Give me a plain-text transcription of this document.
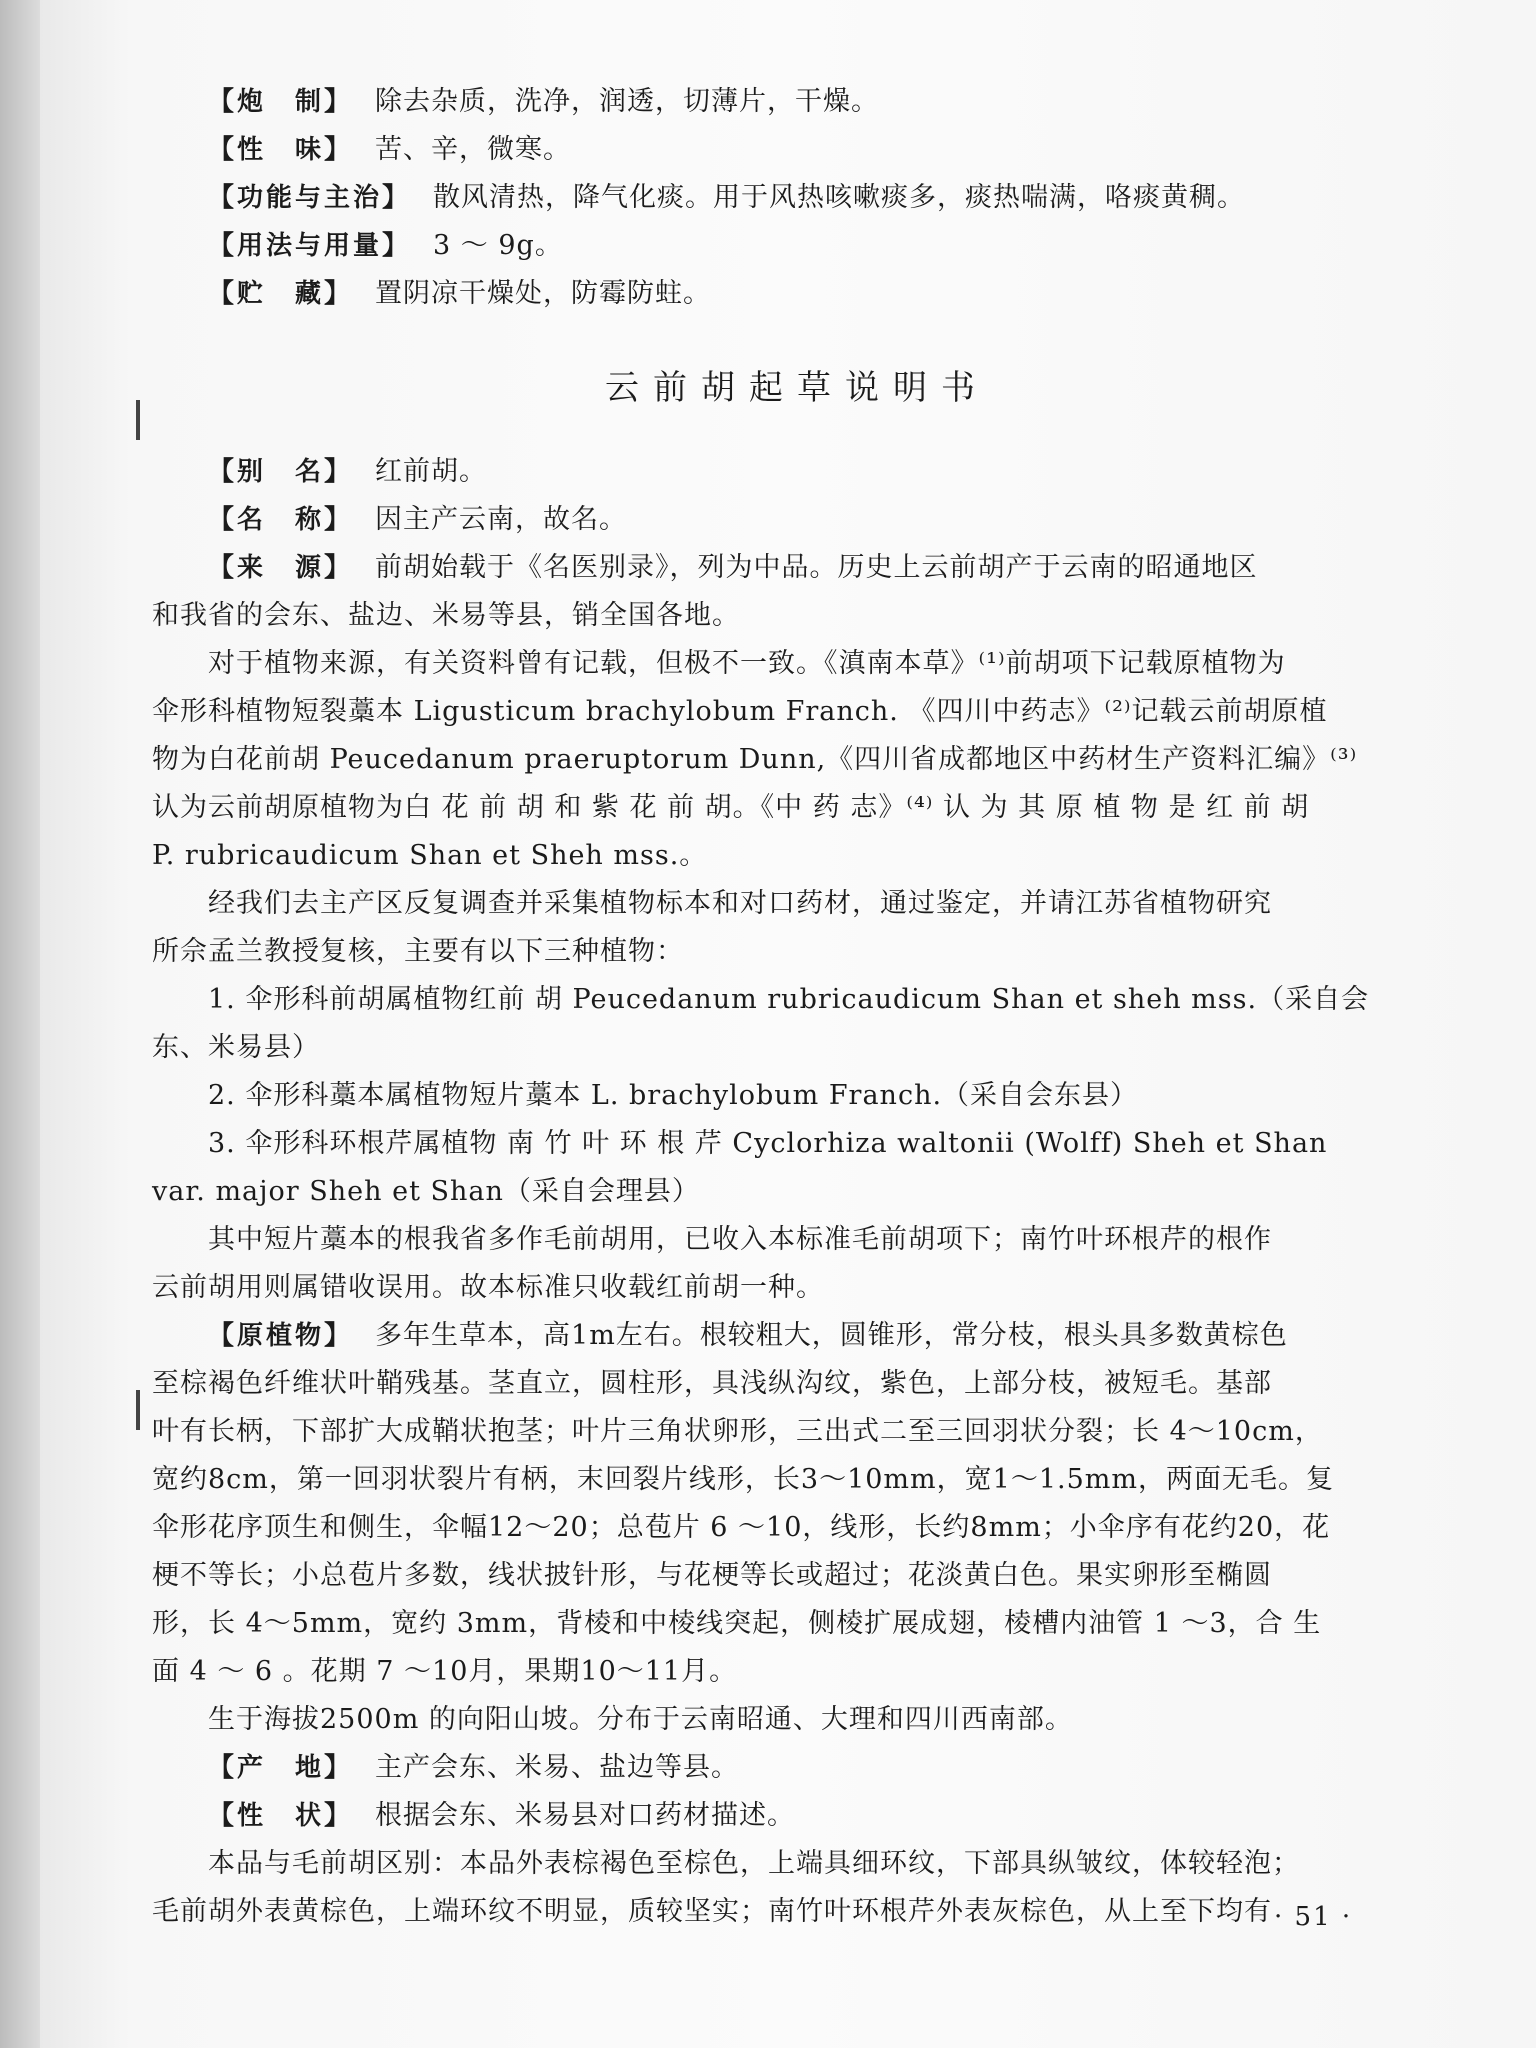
【炮　制】 除去杂质，洗净，润透，切薄片，干燥。
【性　味】 苦、辛，微寒。
【功能与主治】 散风清热，降气化痰。用于风热咳嗽痰多，痰热喘满，咯痰黄稠。
【用法与用量】 3 ～ 9g。
【贮　藏】 置阴凉干燥处，防霉防蛀。
云前胡起草说明书
【别　名】 红前胡。
【名　称】 因主产云南，故名。
【来　源】 前胡始载于《名医别录》，列为中品。历史上云前胡产于云南的昭通地区
和我省的会东、盐边、米易等县，销全国各地。
对于植物来源，有关资料曾有记载，但极不一致。《滇南本草》⁽¹⁾前胡项下记载原植物为
伞形科植物短裂藁本 Ligusticum brachylobum Franch. 《四川中药志》⁽²⁾记载云前胡原植
物为白花前胡 Peucedanum praeruptorum Dunn,《四川省成都地区中药材生产资料汇编》⁽³⁾
认为云前胡原植物为白 花 前 胡 和 紫 花 前 胡。《中 药 志》⁽⁴⁾ 认 为 其 原 植 物 是 红 前 胡
P. rubricaudicum Shan et Sheh mss.。
经我们去主产区反复调查并采集植物标本和对口药材，通过鉴定，并请江苏省植物研究
所佘孟兰教授复核，主要有以下三种植物：
1. 伞形科前胡属植物红前 胡 Peucedanum rubricaudicum Shan et sheh mss.（采自会
东、米易县）
2. 伞形科藁本属植物短片藁本 L. brachylobum Franch.（采自会东县）
3. 伞形科环根芹属植物 南 竹 叶 环 根 芹 Cyclorhiza waltonii (Wolff) Sheh et Shan
var. major Sheh et Shan（采自会理县）
其中短片藁本的根我省多作毛前胡用，已收入本标准毛前胡项下；南竹叶环根芹的根作
云前胡用则属错收误用。故本标准只收载红前胡一种。
【原植物】 多年生草本，高1m左右。根较粗大，圆锥形，常分枝，根头具多数黄棕色
至棕褐色纤维状叶鞘残基。茎直立，圆柱形，具浅纵沟纹，紫色，上部分枝，被短毛。基部
叶有长柄，下部扩大成鞘状抱茎；叶片三角状卵形，三出式二至三回羽状分裂；长 4～10cm，
宽约8cm，第一回羽状裂片有柄，末回裂片线形，长3～10mm，宽1～1.5mm，两面无毛。复
伞形花序顶生和侧生，伞幅12～20；总苞片 6 ～10，线形，长约8mm；小伞序有花约20，花
梗不等长；小总苞片多数，线状披针形，与花梗等长或超过；花淡黄白色。果实卵形至椭圆
形，长 4～5mm，宽约 3mm，背棱和中棱线突起，侧棱扩展成翅，棱槽内油管 1 ～3，合 生
面 4 ～ 6 。花期 7 ～10月，果期10～11月。
生于海拔2500m 的向阳山坡。分布于云南昭通、大理和四川西南部。
【产　地】 主产会东、米易、盐边等县。
【性　状】 根据会东、米易县对口药材描述。
本品与毛前胡区别：本品外表棕褐色至棕色，上端具细环纹，下部具纵皱纹，体较轻泡；
毛前胡外表黄棕色，上端环纹不明显，质较坚实；南竹叶环根芹外表灰棕色，从上至下均有 · 51 ·
